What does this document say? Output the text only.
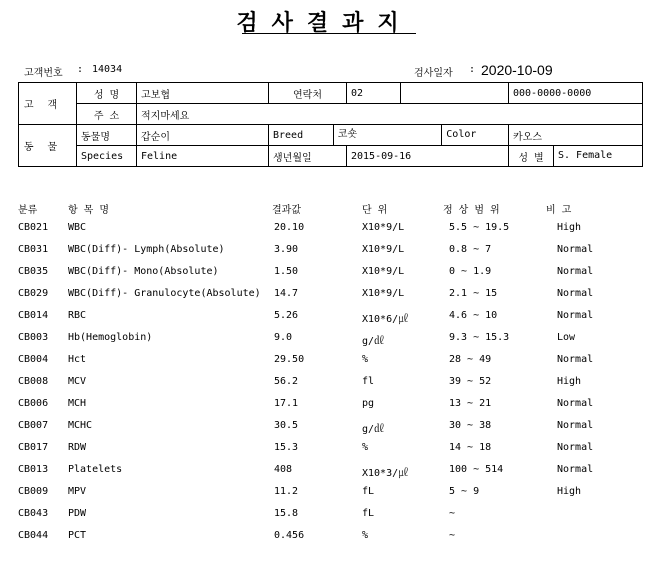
검사결과지
고객번호 : 14034	검사일자 : 2020-10-09
고객	성 명	고보협	연락처	02		000-0000-0000
	주 소	적지마세요				
동물	동물명	갑순이	Breed 코숏 Color			카오스
	Species	Feline	생년월일	2015-09-16		성 별 S. Female
분류	항 목 명	결과값	단 위	정 상 범 위	비 고
CB021 WBC	20.10	X10*9/L	5.5 ~ 19.5	High
CB031 WBC(Diff)- Lymph(Absolute)	3.90	X10*9/L	0.8 ~ 7	Normal
CB035 WBC(Diff)- Mono(Absolute)	1.50	X10*9/L	0 ~ 1.9	Normal
CB029 WBC(Diff)- Granulocyte(Absolute) 14.7	X10*9/L	2.1 ~ 15	Normal
CB014 RBC	5.26	X10*6/㎕	4.6 ~ 10	Normal
CB003 Hb(Hemoglobin)	9.0	g/㎗	9.3 ~ 15.3	Low
CB004 Hct	29.50	%	28 ~ 49	Normal
CB008 MCV	56.2	fl	39 ~ 52	High
CB006 MCH	17.1	pg	13 ~ 21	Normal
CB007 MCHC	30.5	g/㎗	30 ~ 38	Normal
CB017 RDW	15.3	%	14 ~ 18	Normal
CB013 Platelets	408	X10*3/㎕	100 ~ 514	Normal
CB009 MPV	11.2	fL	5 ~ 9	High
CB043 PDW	15.8	fL	~
CB044 PCT	0.456	%	~
